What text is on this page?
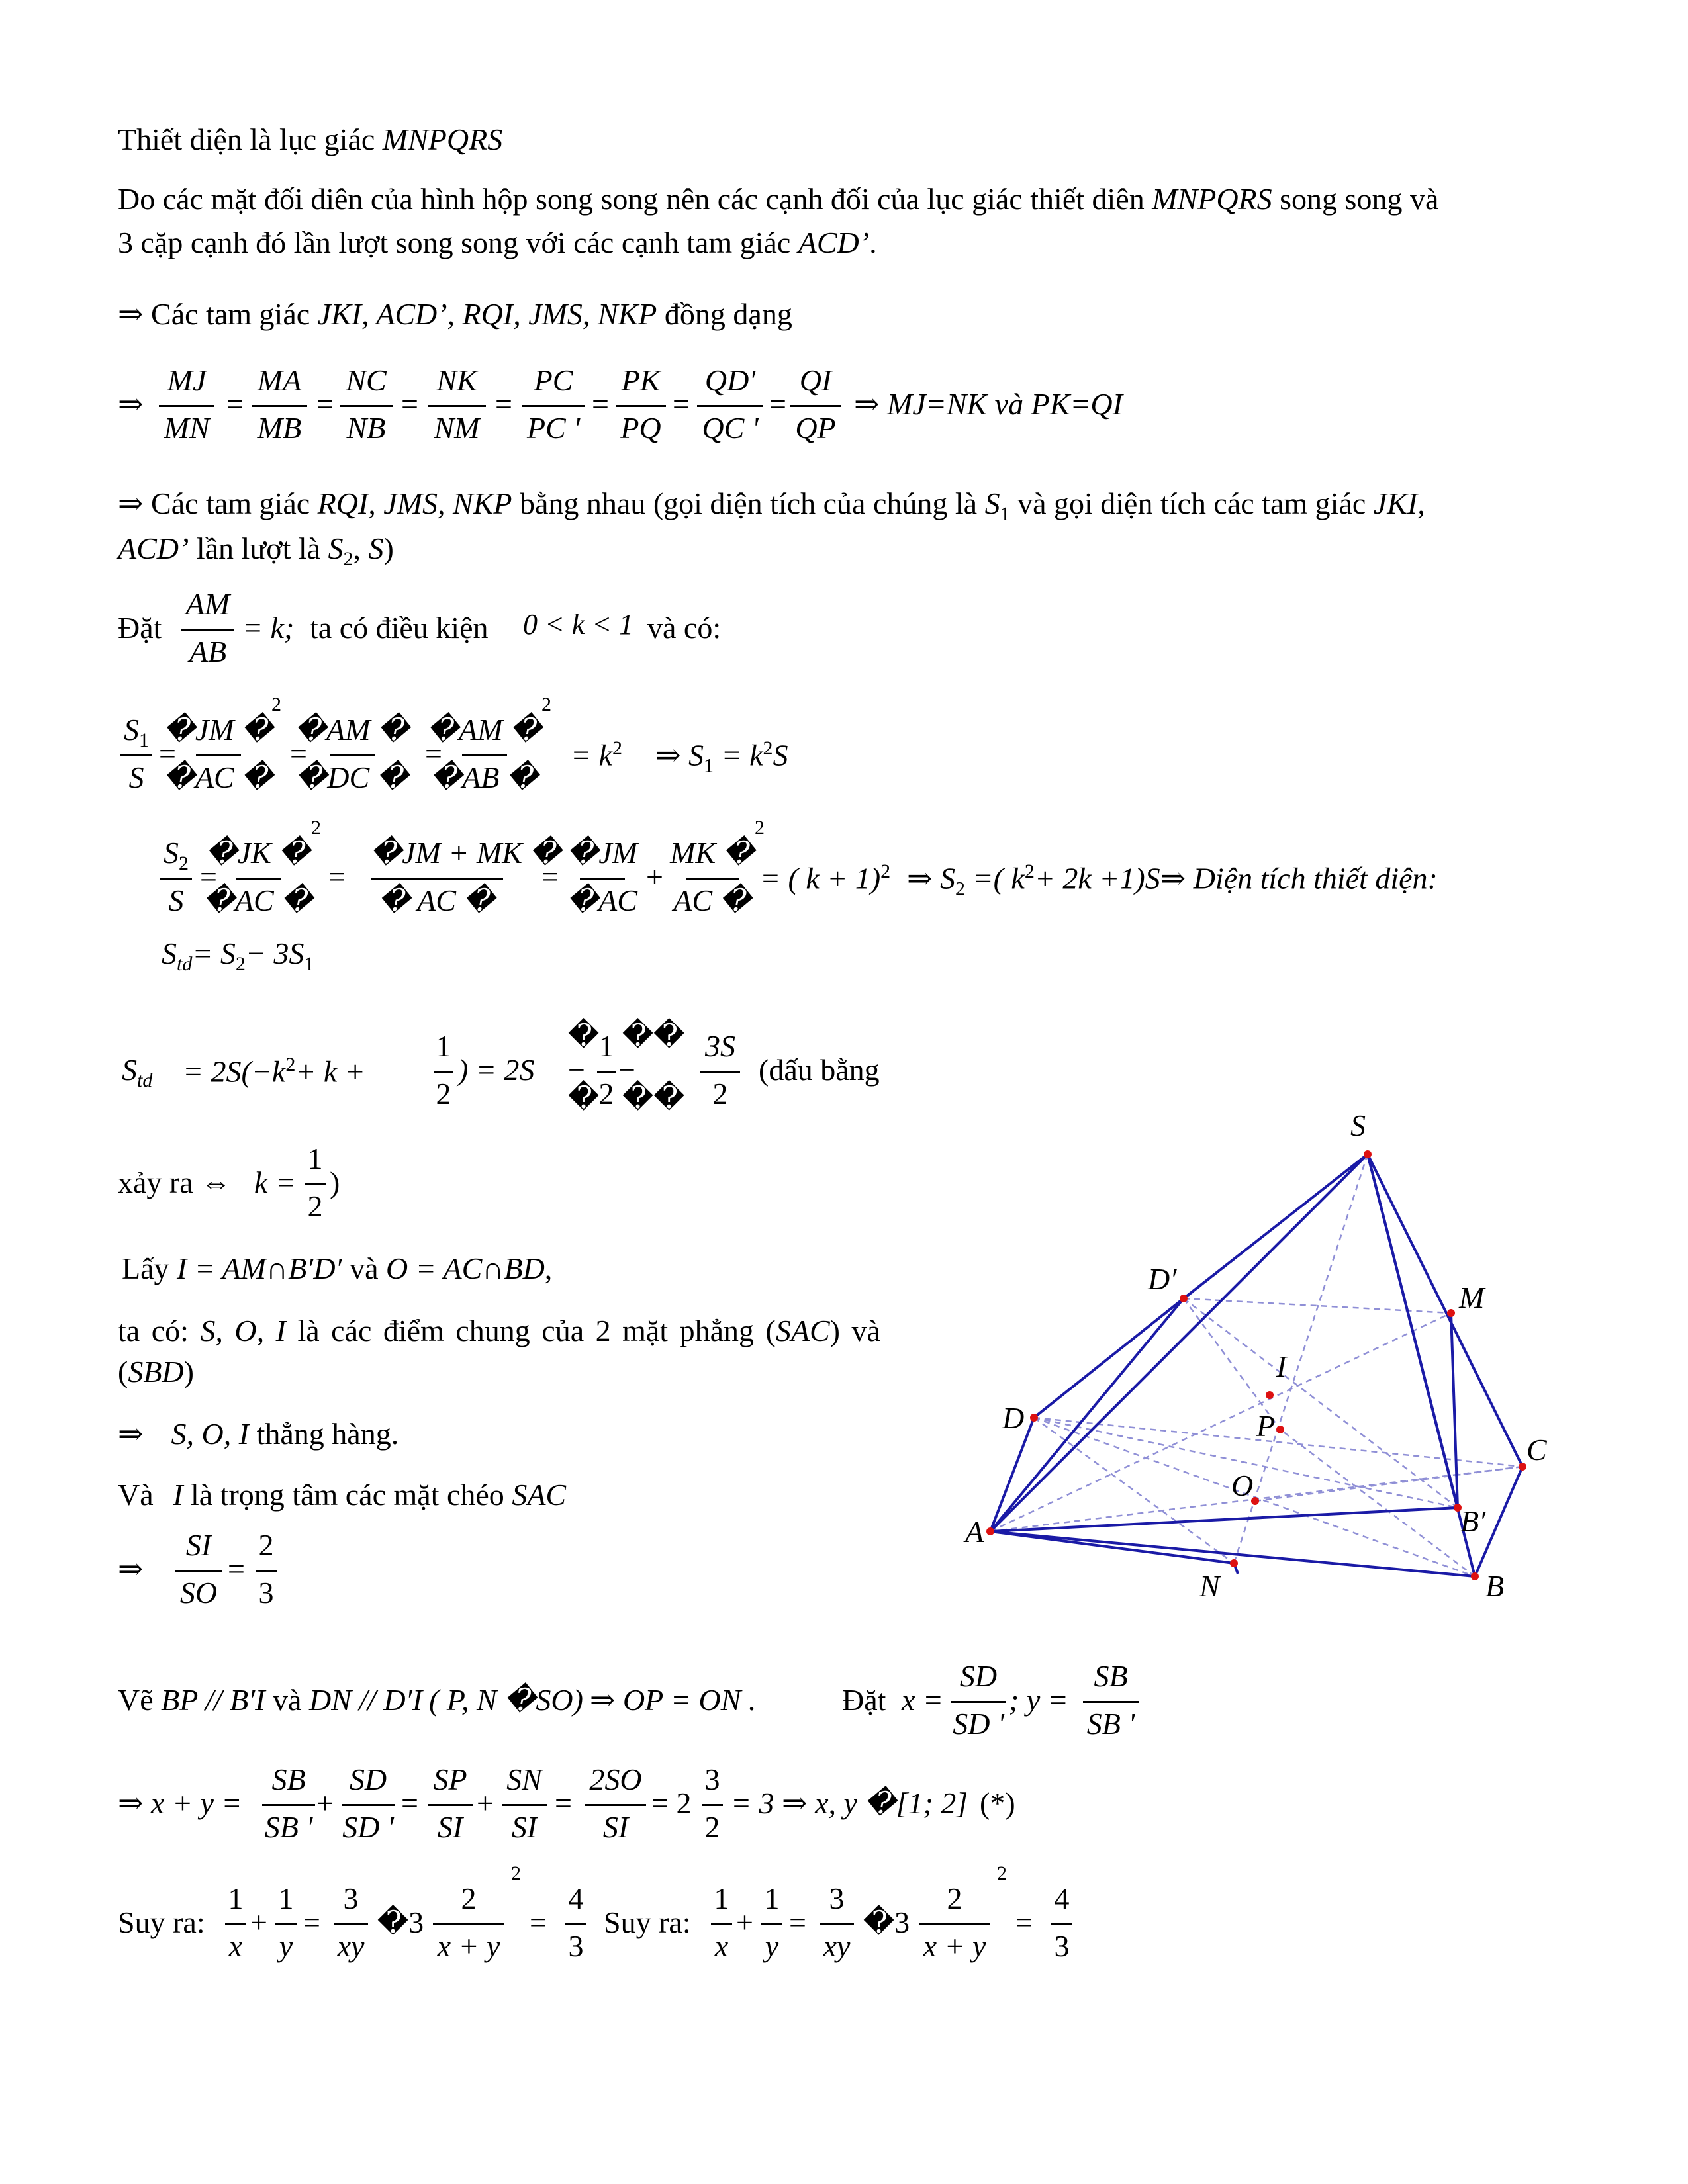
Thiết diện là lục giác MNPQRS
Do các mặt đối diên của hình hộp song song nên các cạnh đối của lục giác thiết diên MNPQRS song song và
3 cặp cạnh đó lần lượt song song với các cạnh tam giác ACD’.
⇒ Các tam giác JKI, ACD’, RQI, JMS, NKP đồng dạng
⇒
MJ
MN
=
MA
MB
=
NC
NB
=
NK
NM
=
PC
PC '
=
PK
PQ
=
QD'
QC '
=
QI
QP
⇒ MJ=NK và PK=QI
⇒ Các tam giác RQI, JMS, NKP bằng nhau (gọi diện tích của chúng là $S_1$ và gọi diện tích các tam giác JKI,
ACD’ lần lượt là $S_2$, S)
Đặt
AM
AB
= k; ta có điều kiện 0 < k < 1 và có:
$S_1$
S
=
�JM �
�AC �
2
=
�AM �
�DC �
=
�AM �
�AB �
2
= $k^2$ ⇒ $S_1 = k^2S$
$S_2$
S
=
�JK �
�AC �
2
=
�JM + MK �
� AC �
=
�JM
�AC
+
MK �
AC �
2
= ( k + 1)$^2$ ⇒ $S_2$ =( $k^2+ 2k$ +1)S⇒ Diện tích thiết diện:
$S_{td}= S_2- 3S_1$
$S_{td} = 2S(-k^2+ k$ +
1
2
) = 2S
�
−
�
−
1
2
��
��
3S
2
(dấu bằng
xảy ra ⇔ k =
1
2
)
Lấy I = AM∩B′D′ và O = AC∩BD,
ta có: S, O, I là các điểm chung của 2 mặt phẳng (SAC) và
(SBD)
⇒ S, O, I thẳng hàng.
Và I là trọng tâm các mặt chéo SAC
⇒
SI
SO
=
2
3
Vẽ BP // B′I và DN // D′I ( P, N �SO) ⇒ OP = ON .	Đặt x =
SD
SD '
; y =
SB
SB '
⇒ x + y =
SB
SB '
+
SD
SD '
=
SP
SI
+
SN
SI
=
2SO
SI
= 2
3
2
= 3 ⇒ x, y �[1; 2] (*)
Suy ra:
1
x
+
1
y
=
3
xy
�3
2
x + y
2
=
4
3
Suy ra:
1
x
+
1
y
=
3
xy
�3
2
x + y
2
=
4
3
S
D′
M
I
D	P
C
O
B′
A
N	B
